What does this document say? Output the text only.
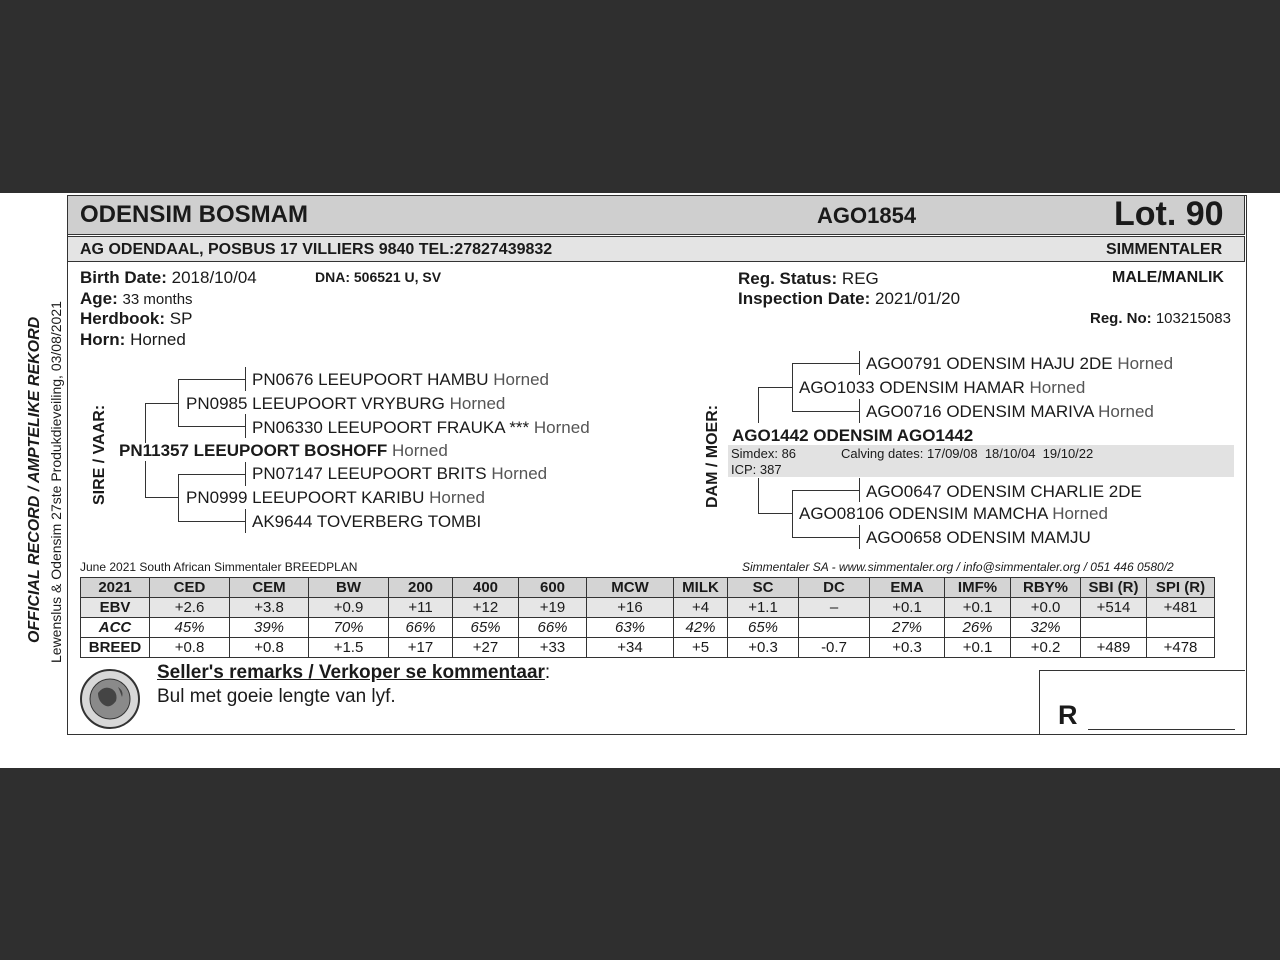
ODENSIM BOSMAM	AGO1854	Lot. 90
AG ODENDAAL, POSBUS 17 VILLIERS 9840 TEL:27827439832	SIMMENTALER
OFFICIAL RECORD / AMPTELIKE REKORD Lewenslus & Odensim 27ste Produkdieveiling, 03/08/2021
Birth Date: 2018/10/04	DNA: 506521 U, SV
Age: 33 months
Herdbook: SP
Horn: Horned
Reg. Status: REG
Inspection Date: 2021/01/20
MALE/MANLIK
Reg. No: 103215083
SIRE / VAAR:
PN0676 LEEUPOORT HAMBU Horned
PN0985 LEEUPOORT VRYBURG Horned
PN06330 LEEUPOORT FRAUKA *** Horned
PN11357 LEEUPOORT BOSHOFF Horned
PN07147 LEEUPOORT BRITS Horned
PN0999 LEEUPOORT KARIBU Horned
AK9644 TOVERBERG TOMBI
DAM / MOER:
AGO0791 ODENSIM HAJU 2DE Horned
AGO1033 ODENSIM HAMAR Horned
AGO0716 ODENSIM MARIVA Horned
AGO1442 ODENSIM AGO1442
Simdex: 86	Calving dates: 17/09/08  18/10/04  19/10/22
ICP: 387
AGO0647 ODENSIM CHARLIE 2DE
AGO08106 ODENSIM MAMCHA Horned
AGO0658 ODENSIM MAMJU
June 2021 South African Simmentaler BREEDPLAN	Simmentaler SA - www.simmentaler.org / info@simmentaler.org / 051 446 0580/2
2021	CED	CEM	BW	200	400	600	MCW	MILK	SC	DC	EMA	IMF%	RBY%	SBI (R)	SPI (R)
EBV	+2.6	+3.8	+0.9	+11	+12	+19	+16	+4	+1.1	–	+0.1	+0.1	+0.0	+514	+481
ACC	45%	39%	70%	66%	65%	66%	63%	42%	65%		27%	26%	32%		
BREED	+0.8	+0.8	+1.5	+17	+27	+33	+34	+5	+0.3	-0.7	+0.3	+0.1	+0.2	+489	+478
Seller's remarks / Verkoper se kommentaar:
Bul met goeie lengte van lyf.
R
